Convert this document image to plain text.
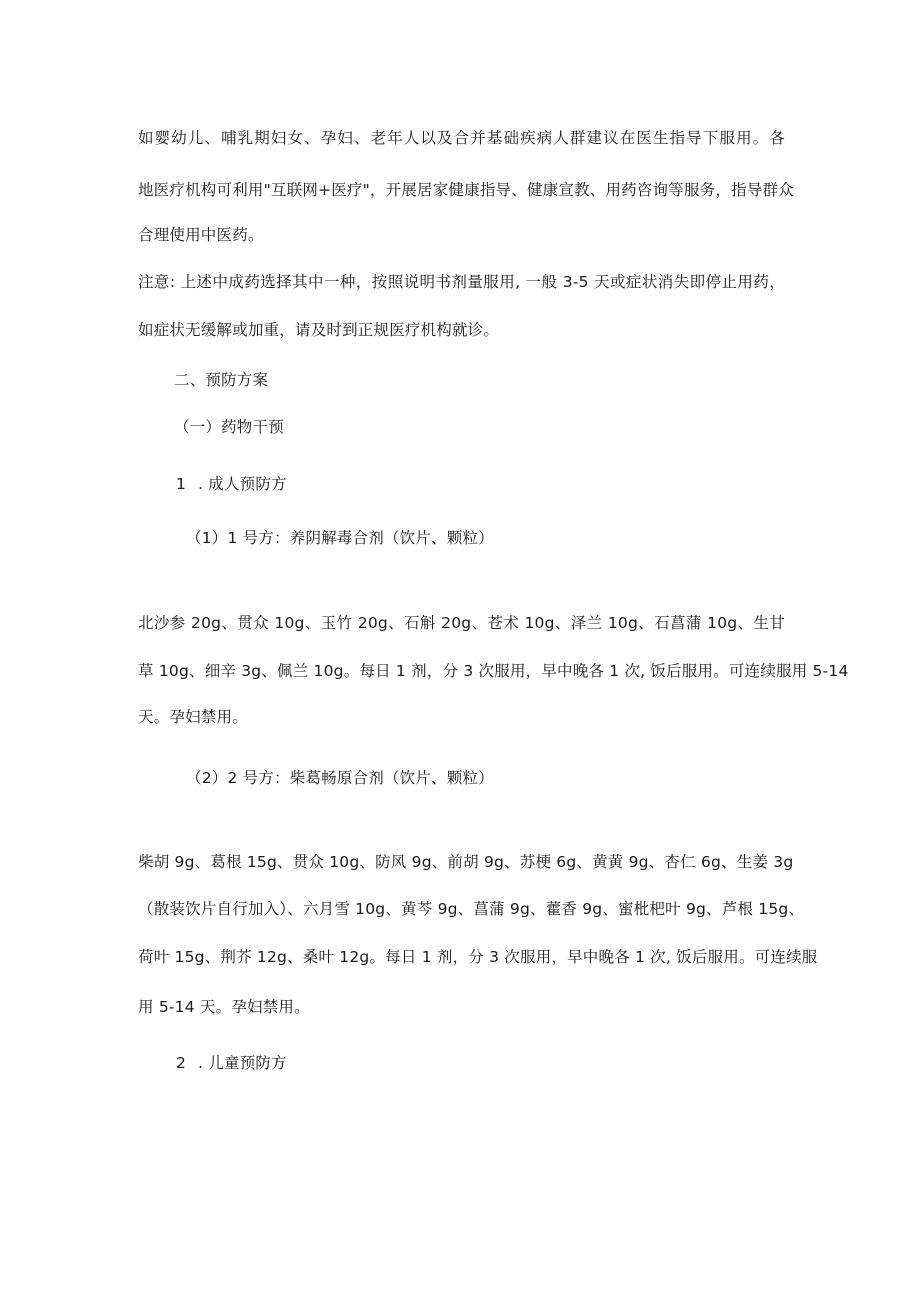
如婴幼儿、哺乳期妇女、孕妇、老年人以及合并基础疾病人群建议在医生指导下服用。各
地医疗机构可利用"互联网+医疗"，开展居家健康指导、健康宣教、用药咨询等服务，指导群众
合理使用中医药。
注意: 上述中成药选择其中一种，按照说明书剂量服用, 一般 3-5 天或症状消失即停止用药，
如症状无缓解或加重，请及时到正规医疗机构就诊。
二、预防方案
（一）药物干预
1 . 成人预防方
（1）1 号方：养阴解毒合剂（饮片、颗粒）
北沙参 20g、贯众 10g、玉竹 20g、石斛 20g、苍术 10g、泽兰 10g、石菖蒲 10g、生甘
草 10g、细辛 3g、佩兰 10g。每日 1 剂，分 3 次服用，早中晚各 1 次, 饭后服用。可连续服用 5-14
天。孕妇禁用。
（2）2 号方：柴葛畅原合剂（饮片、颗粒）
柴胡 9g、葛根 15g、贯众 10g、防风 9g、前胡 9g、苏梗 6g、黄黄 9g、杏仁 6g、生姜 3g
（散装饮片自行加入）、六月雪 10g、黄芩 9g、菖蒲 9g、藿香 9g、蜜枇杷叶 9g、芦根 15g、
荷叶 15g、荆芥 12g、桑叶 12g。每日 1 剂，分 3 次服用，早中晚各 1 次, 饭后服用。可连续服
用 5-14 天。孕妇禁用。
2 . 儿童预防方
